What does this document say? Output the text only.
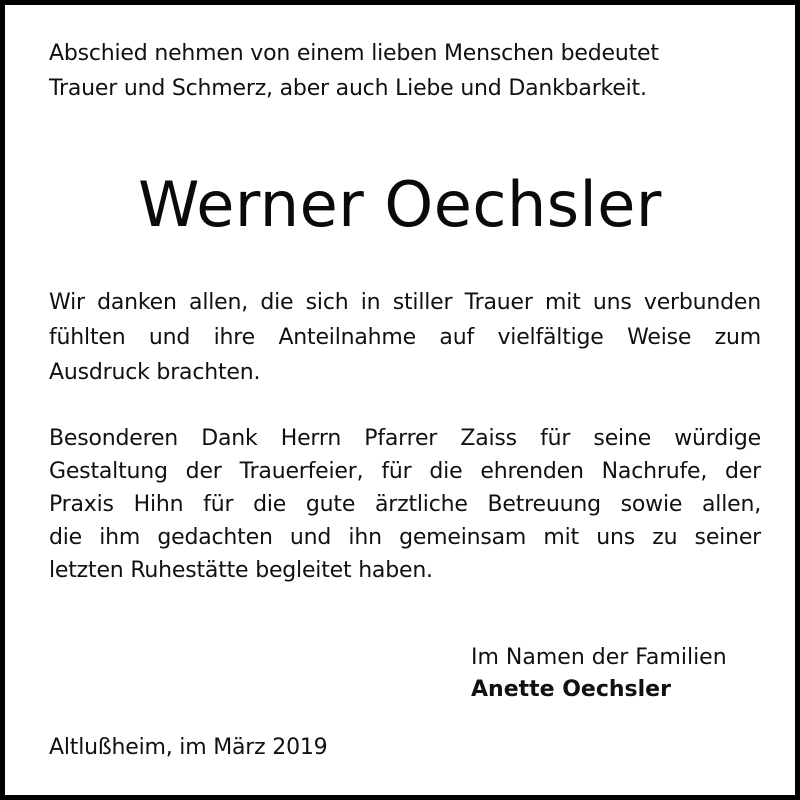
Abschied nehmen von einem lieben Menschen bedeutet
Trauer und Schmerz, aber auch Liebe und Dankbarkeit.
Werner Oechsler
Wir danken allen, die sich in stiller Trauer mit uns verbunden
fühlten und ihre Anteilnahme auf vielfältige Weise zum
Ausdruck brachten.
Besonderen Dank Herrn Pfarrer Zaiss für seine würdige
Gestaltung der Trauerfeier, für die ehrenden Nachrufe, der
Praxis Hihn für die gute ärztliche Betreuung sowie allen,
die ihm gedachten und ihn gemeinsam mit uns zu seiner
letzten Ruhestätte begleitet haben.
Im Namen der Familien
Anette Oechsler
Altlußheim, im März 2019
